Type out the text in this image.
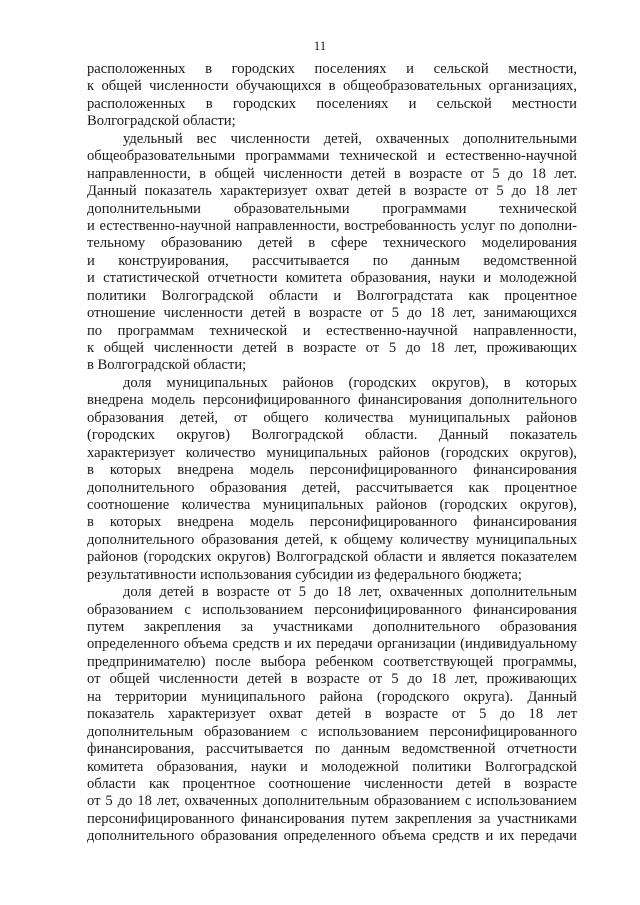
11
расположенных в городских поселениях и сельской местности,
к общей численности обучающихся в общеобразовательных организациях,
расположенных в городских поселениях и сельской местности
Волгоградской области;
удельный вес численности детей, охваченных дополнительными
общеобразовательными программами технической и естественно-научной
направленности, в общей численности детей в возрасте от 5 до 18 лет.
Данный показатель характеризует охват детей в возрасте от 5 до 18 лет
дополнительными образовательными программами технической
и естественно-научной направленности, востребованность услуг по дополни-
тельному образованию детей в сфере технического моделирования
и конструирования, рассчитывается по данным ведомственной
и статистической отчетности комитета образования, науки и молодежной
политики Волгоградской области и Волгоградстата как процентное
отношение численности детей в возрасте от 5 до 18 лет, занимающихся
по программам технической и естественно-научной направленности,
к общей численности детей в возрасте от 5 до 18 лет, проживающих
в Волгоградской области;
доля муниципальных районов (городских округов), в которых
внедрена модель персонифицированного финансирования дополнительного
образования детей, от общего количества муниципальных районов
(городских округов) Волгоградской области. Данный показатель
характеризует количество муниципальных районов (городских округов),
в которых внедрена модель персонифицированного финансирования
дополнительного образования детей, рассчитывается как процентное
соотношение количества муниципальных районов (городских округов),
в которых внедрена модель персонифицированного финансирования
дополнительного образования детей, к общему количеству муниципальных
районов (городских округов) Волгоградской области и является показателем
результативности использования субсидии из федерального бюджета;
доля детей в возрасте от 5 до 18 лет, охваченных дополнительным
образованием с использованием персонифицированного финансирования
путем закрепления за участниками дополнительного образования
определенного объема средств и их передачи организации (индивидуальному
предпринимателю) после выбора ребенком соответствующей программы,
от общей численности детей в возрасте от 5 до 18 лет, проживающих
на территории муниципального района (городского округа). Данный
показатель характеризует охват детей в возрасте от 5 до 18 лет
дополнительным образованием с использованием персонифицированного
финансирования, рассчитывается по данным ведомственной отчетности
комитета образования, науки и молодежной политики Волгоградской
области как процентное соотношение численности детей в возрасте
от 5 до 18 лет, охваченных дополнительным образованием с использованием
персонифицированного финансирования путем закрепления за участниками
дополнительного образования определенного объема средств и их передачи
